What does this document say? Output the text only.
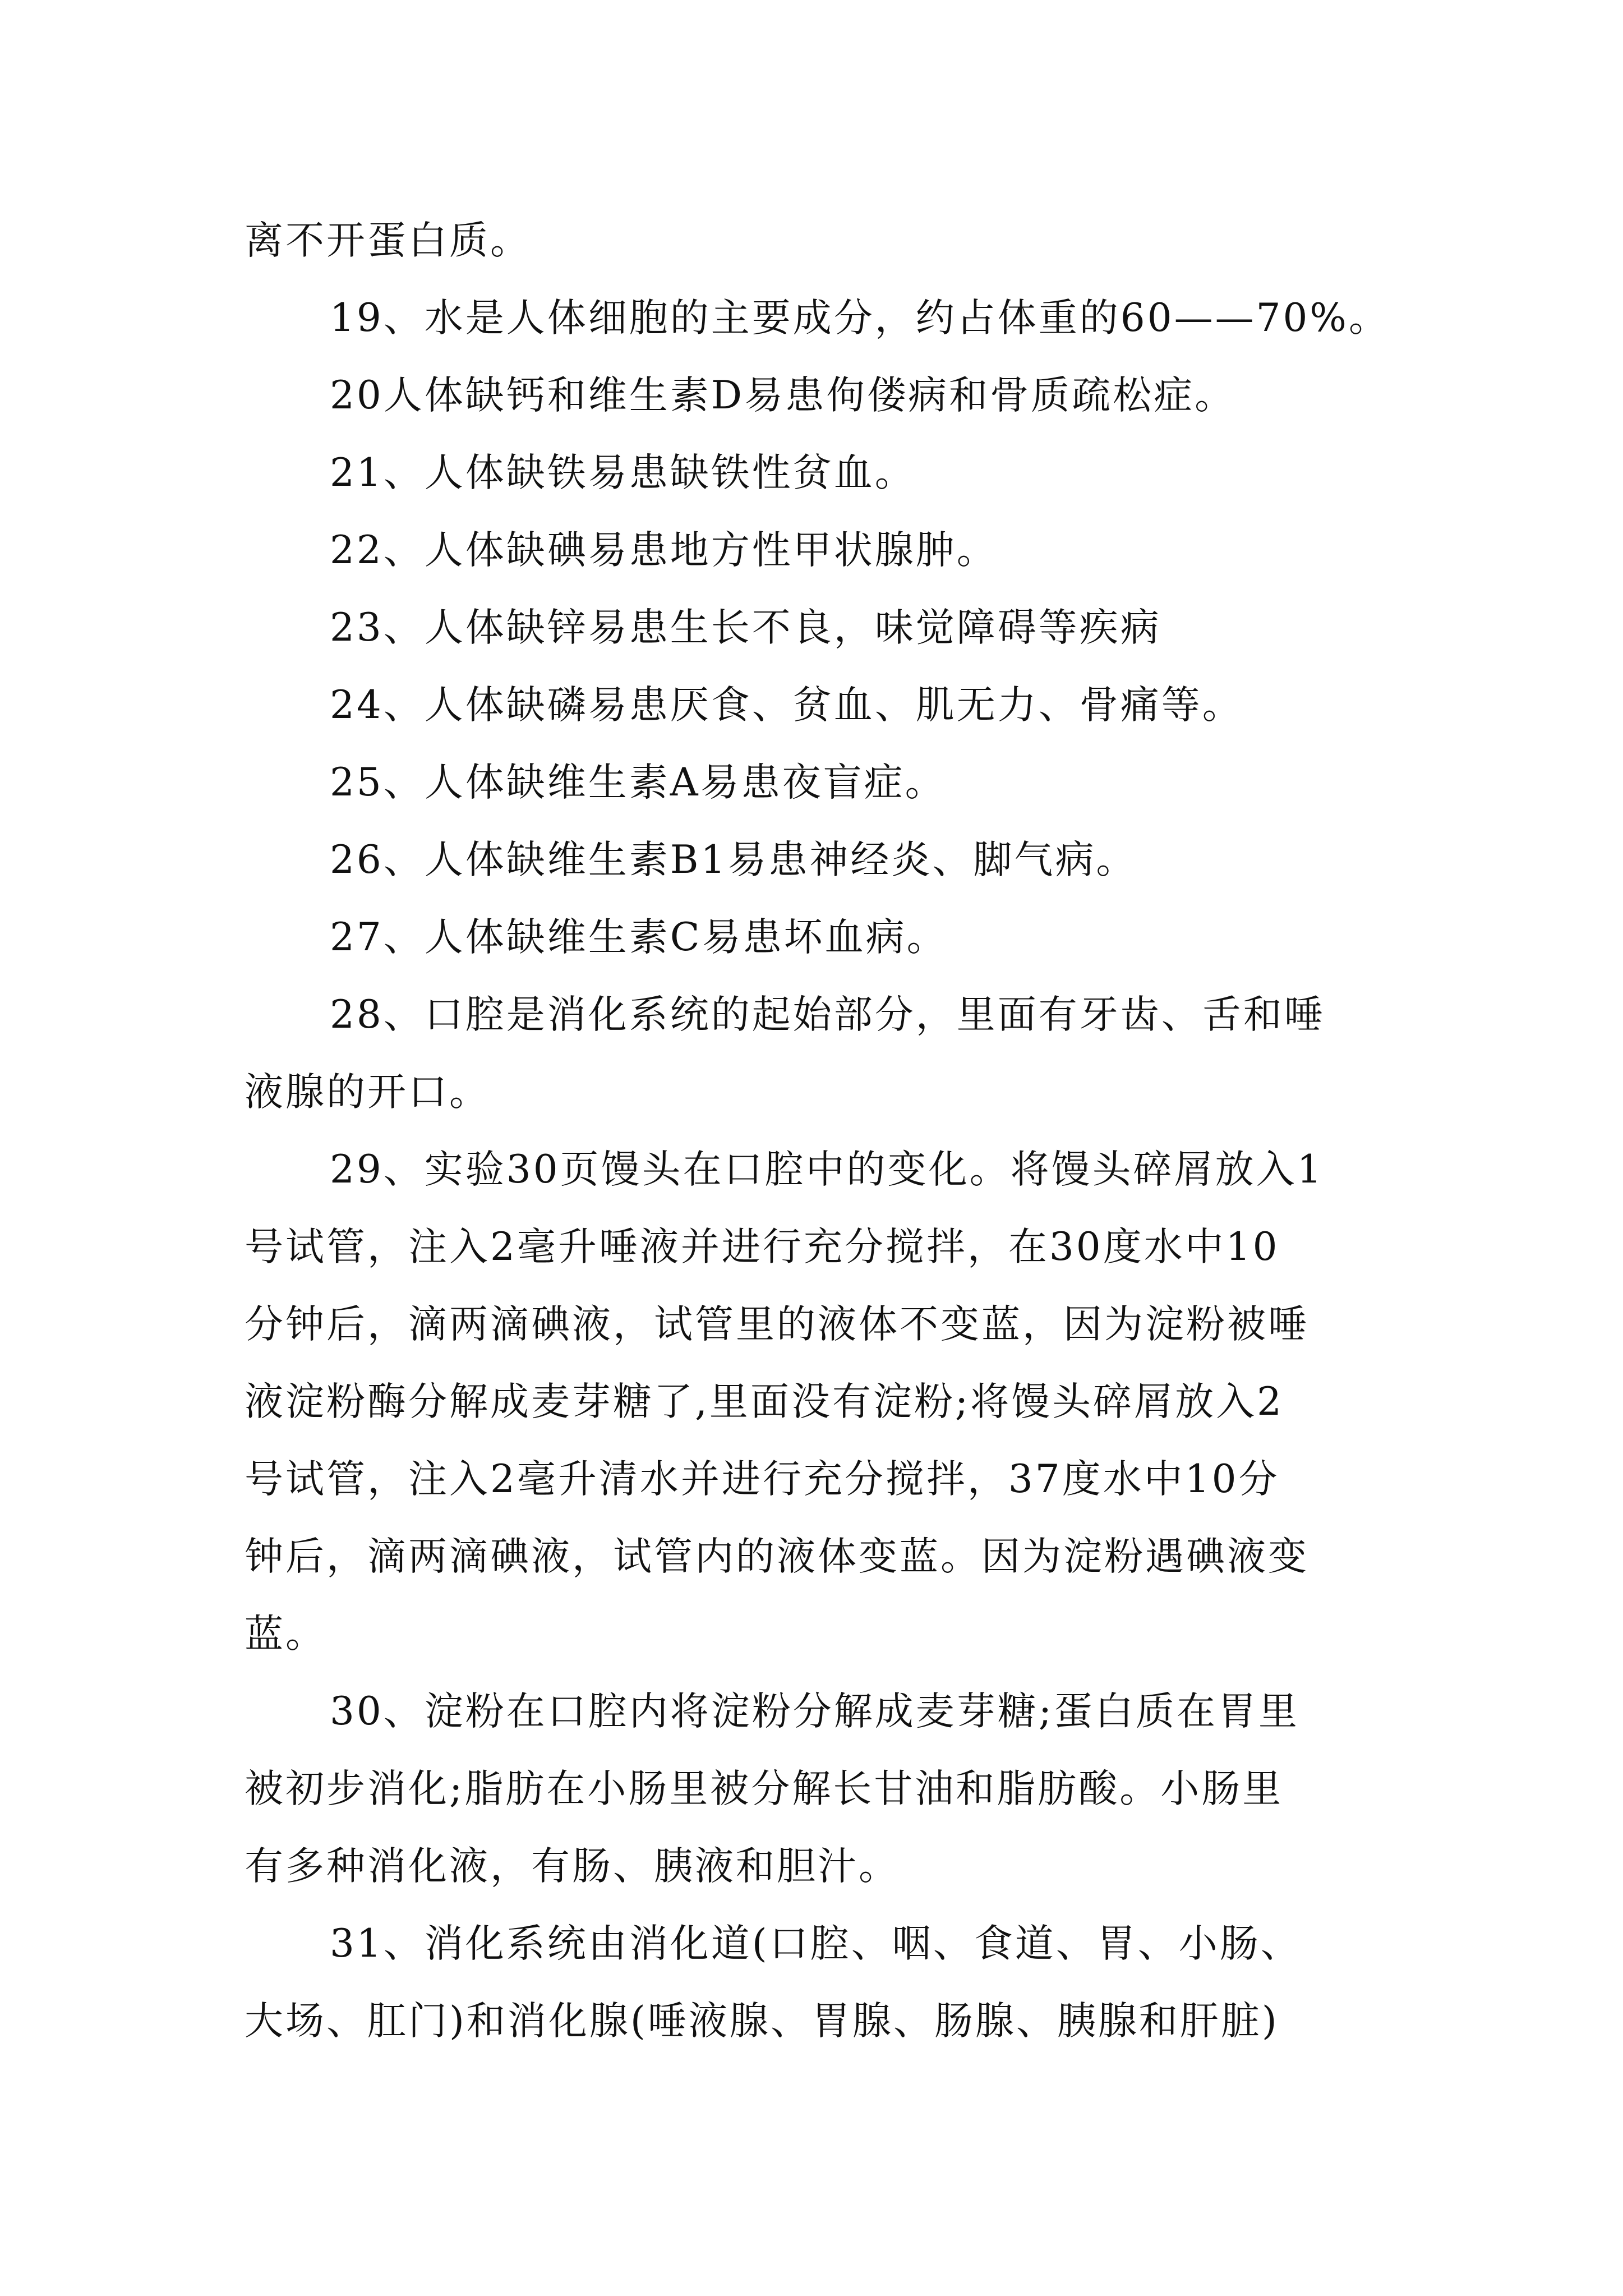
离不开蛋白质。
19、水是人体细胞的主要成分，约占体重的60——70%。
20人体缺钙和维生素D易患佝偻病和骨质疏松症。
21、人体缺铁易患缺铁性贫血。
22、人体缺碘易患地方性甲状腺肿。
23、人体缺锌易患生长不良，味觉障碍等疾病
24、人体缺磷易患厌食、贫血、肌无力、骨痛等。
25、人体缺维生素A易患夜盲症。
26、人体缺维生素B1易患神经炎、脚气病。
27、人体缺维生素C易患坏血病。
28、口腔是消化系统的起始部分，里面有牙齿、舌和唾
液腺的开口。
29、实验30页馒头在口腔中的变化。将馒头碎屑放入1
号试管，注入2毫升唾液并进行充分搅拌，在30度水中10
分钟后，滴两滴碘液，试管里的液体不变蓝，因为淀粉被唾
液淀粉酶分解成麦芽糖了,里面没有淀粉;将馒头碎屑放入2
号试管，注入2毫升清水并进行充分搅拌，37度水中10分
钟后，滴两滴碘液，试管内的液体变蓝。因为淀粉遇碘液变
蓝。
30、淀粉在口腔内将淀粉分解成麦芽糖;蛋白质在胃里
被初步消化;脂肪在小肠里被分解长甘油和脂肪酸。小肠里
有多种消化液，有肠、胰液和胆汁。
31、消化系统由消化道(口腔、咽、食道、胃、小肠、
大场、肛门)和消化腺(唾液腺、胃腺、肠腺、胰腺和肝脏)
